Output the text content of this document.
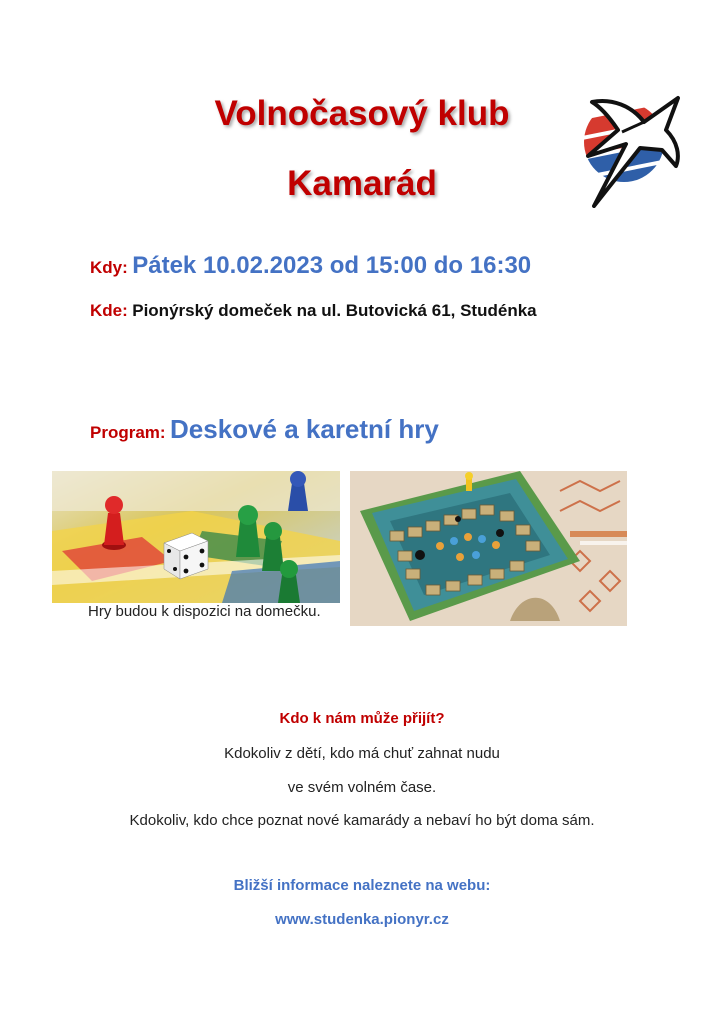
Volnočasový klub
Kamarád
Kdy: Pátek 10.02.2023 od 15:00 do 16:30
Kde: Pionýrský domeček na ul. Butovická 61, Studénka
Program: Deskové a karetní hry
Hry budou k dispozici na domečku.
Kdo k nám může přijít?
Kdokoliv z dětí, kdo má chuť zahnat nudu
ve svém volném čase.
Kdokoliv, kdo chce poznat nové kamarády a nebaví ho být doma sám.
Bližší informace naleznete na webu:
www.studenka.pionyr.cz
